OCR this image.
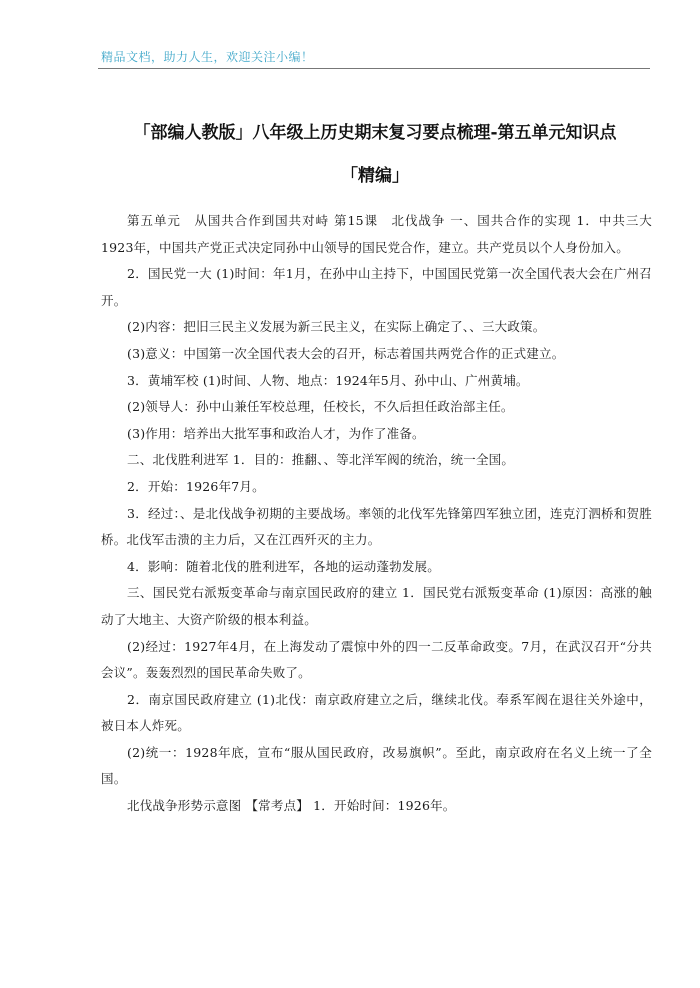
精品文档，助力人生，欢迎关注小编！
「部编人教版」八年级上历史期末复习要点梳理-第五单元知识点
「精编」

第五单元　从国共合作到国共对峙 第15课　北伐战争 一、国共合作的实现 1．中共三大 1923年，中国共产党正式决定同孙中山领导的国民党合作，建立。共产党员以个人身份加入。

2．国民党一大 (1)时间：年1月，在孙中山主持下，中国国民党第一次全国代表大会在广州召开。

(2)内容：把旧三民主义发展为新三民主义，在实际上确定了、、三大政策。

(3)意义：中国第一次全国代表大会的召开，标志着国共两党合作的正式建立。

3．黄埔军校 (1)时间、人物、地点：1924年5月、孙中山、广州黄埔。

(2)领导人：孙中山兼任军校总理，任校长，不久后担任政治部主任。

(3)作用：培养出大批军事和政治人才，为作了准备。

二、北伐胜利进军 1．目的：推翻、、等北洋军阀的统治，统一全国。

2．开始：1926年7月。

3．经过：、是北伐战争初期的主要战场。率领的北伐军先锋第四军独立团，连克汀泗桥和贺胜桥。北伐军击溃的主力后，又在江西歼灭的主力。

4．影响：随着北伐的胜利进军，各地的运动蓬勃发展。

三、国民党右派叛变革命与南京国民政府的建立 1．国民党右派叛变革命 (1)原因：高涨的触动了大地主、大资产阶级的根本利益。

(2)经过：1927年4月，在上海发动了震惊中外的四一二反革命政变。7月，在武汉召开“分共会议”。轰轰烈烈的国民革命失败了。

2．南京国民政府建立 (1)北伐：南京政府建立之后，继续北伐。奉系军阀在退往关外途中，被日本人炸死。

(2)统一：1928年底，宣布“服从国民政府，改易旗帜”。至此，南京政府在名义上统一了全国。

北伐战争形势示意图 【常考点】 1．开始时间：1926年。
